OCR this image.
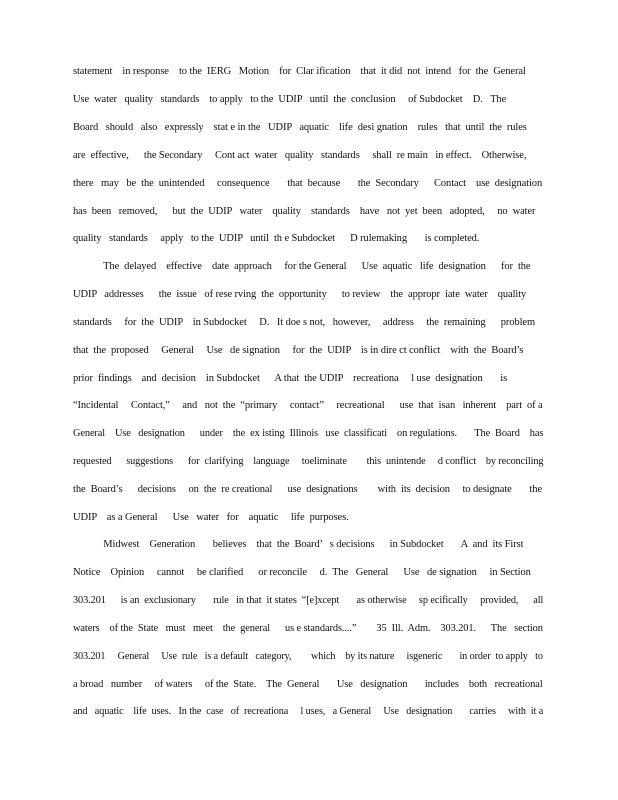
statement    in response    to the  IERG   Motion    for  Clar ification    that  it did  not  intend   for  the  General
Use  water   quality   standards    to apply   to the  UDIP   until  the  conclusion     of Subdocket    D.   The
Board   should   also   expressly    stat e in the   UDIP   aquatic    life  desi gnation    rules   that  until  the  rules
are  effective,      the Secondary     Cont act  water   quality   standards     shall  re main   in effect.    Otherwise,
there   may   be  the  unintended     consequence       that  because       the  Secondary      Contact    use  designation
has  been   removed,      but  the  UDIP   water    quality    standards    have   not  yet  been   adopted,     no  water
quality   standards     apply   to the  UDIP   until  th e Subdocket      D rulemaking       is completed.
The  delayed    effective    date  approach     for the General      Use  aquatic   life  designation      for  the
UDIP   addresses      the  issue   of rese rving  the  opportunity      to review    the  appropr  iate  water    quality
standards     for  the  UDIP    in Subdocket     D.   It doe s not,   however,     address     the  remaining      problem
that  the  proposed     General     Use   de signation     for  the  UDIP    is in dire ct conflict    with  the  Board’s
prior  findings    and  decision    in Subdocket      A that  the UDIP    recreationa     l use  designation       is
“Incidental     Contact,”     and   not  the  “primary     contact”     recreational      use  that  isan   inherent    part  of a
General    Use   designation      under    the  ex isting  Illinois   use  classificati    on regulations.       The  Board    has
requested      suggestions      for  clarifying    language     toeliminate        this  unintende     d conflict    by reconciling
the  Board’s      decisions     on  the  re creational      use  designations        with  its  decision     to designate       the
UDIP    as a General      Use   water   for    aquatic     life  purposes.
Midwest    Generation       believes    that  the  Board’   s decisions      in Subdocket       A  and  its First
Notice    Opinion     cannot     be clarified      or reconcile     d.  The   General      Use   de signation     in Section
303.201      is an  exclusionary       rule   in that  it states  “[e]xcept       as otherwise     sp ecifically     provided,      all
waters    of the  State   must   meet    the  general      us e standards....”        35  Ill.  Adm.    303.201.      The   section
303.201     General     Use  rule   is a default   category,        which    by its nature     isgeneric       in order  to apply   to
a broad   number     of waters     of the  State.    The  General       Use   designation       includes    both   recreational
and   aquatic    life  uses.   In the  case   of  recreationa     l uses,   a General     Use   designation       carries     with  it a
